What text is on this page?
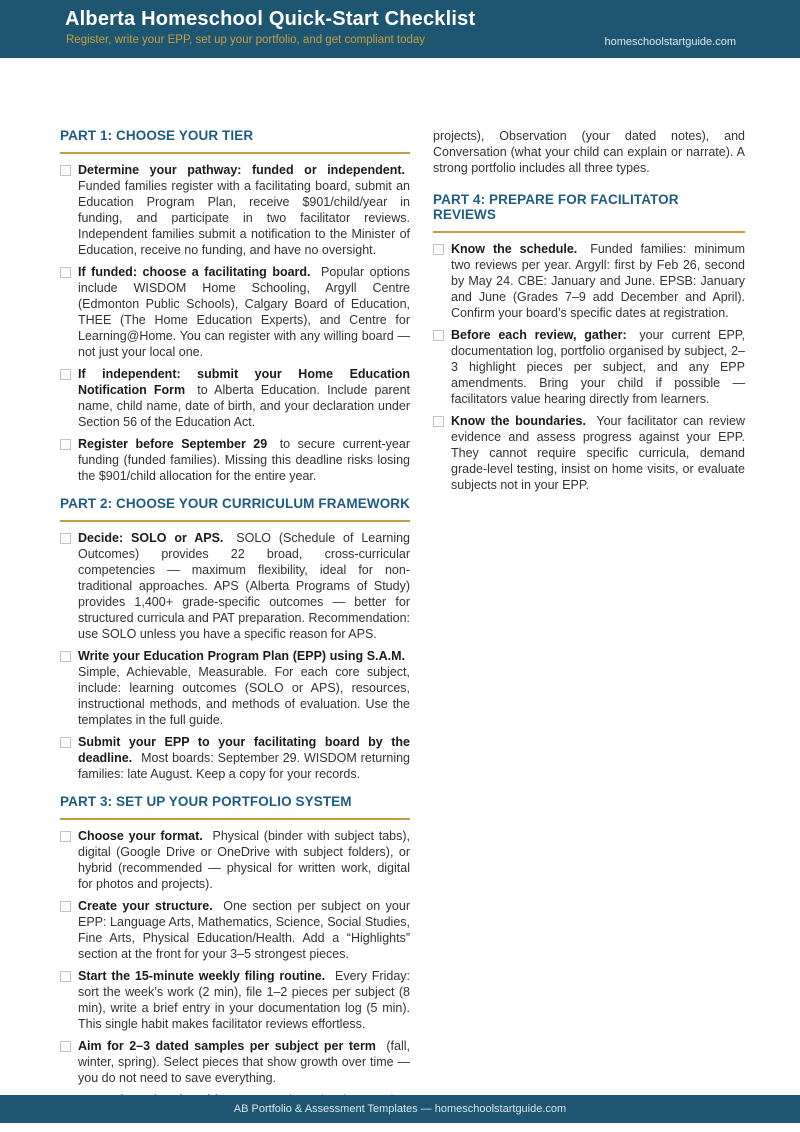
Alberta Homeschool Quick-Start Checklist
Register, write your EPP, set up your portfolio, and get compliant today	homeschoolstartguide.com
PART 1: CHOOSE YOUR TIER
Determine your pathway: funded or independent. Funded families register with a facilitating board, submit an Education Program Plan, receive $901/child/year in funding, and participate in two facilitator reviews. Independent families submit a notification to the Minister of Education, receive no funding, and have no oversight.
If funded: choose a facilitating board. Popular options include WISDOM Home Schooling, Argyll Centre (Edmonton Public Schools), Calgary Board of Education, THEE (The Home Education Experts), and Centre for Learning@Home. You can register with any willing board — not just your local one.
If independent: submit your Home Education Notification Form to Alberta Education. Include parent name, child name, date of birth, and your declaration under Section 56 of the Education Act.
Register before September 29 to secure current-year funding (funded families). Missing this deadline risks losing the $901/child allocation for the entire year.
PART 2: CHOOSE YOUR CURRICULUM FRAMEWORK
Decide: SOLO or APS. SOLO (Schedule of Learning Outcomes) provides 22 broad, cross-curricular competencies — maximum flexibility, ideal for non-traditional approaches. APS (Alberta Programs of Study) provides 1,400+ grade-specific outcomes — better for structured curricula and PAT preparation. Recommendation: use SOLO unless you have a specific reason for APS.
Write your Education Program Plan (EPP) using S.A.M. Simple, Achievable, Measurable. For each core subject, include: learning outcomes (SOLO or APS), resources, instructional methods, and methods of evaluation. Use the templates in the full guide.
Submit your EPP to your facilitating board by the deadline. Most boards: September 29. WISDOM returning families: late August. Keep a copy for your records.
PART 3: SET UP YOUR PORTFOLIO SYSTEM
Choose your format. Physical (binder with subject tabs), digital (Google Drive or OneDrive with subject folders), or hybrid (recommended — physical for written work, digital for photos and projects).
Create your structure. One section per subject on your EPP: Language Arts, Mathematics, Science, Social Studies, Fine Arts, Physical Education/Health. Add a “Highlights” section at the front for your 3–5 strongest pieces.
Start the 15-minute weekly filing routine. Every Friday: sort the week’s work (2 min), file 1–2 pieces per subject (8 min), write a brief entry in your documentation log (5 min). This single habit makes facilitator reviews effortless.
Aim for 2–3 dated samples per subject per term (fall, winter, spring). Select pieces that show growth over time — you do not need to save everything.

projects), Observation (your dated notes), and Conversation (what your child can explain or narrate). A strong portfolio includes all three types.

PART 4: PREPARE FOR FACILITATOR REVIEWS
Know the schedule. Funded families: minimum two reviews per year. Argyll: first by Feb 26, second by May 24. CBE: January and June. EPSB: January and June (Grades 7–9 add December and April). Confirm your board’s specific dates at registration.
Before each review, gather: your current EPP, documentation log, portfolio organised by subject, 2–3 highlight pieces per subject, and any EPP amendments. Bring your child if possible — facilitators value hearing directly from learners.
Know the boundaries. Your facilitator can review evidence and assess progress against your EPP. They cannot require specific curricula, demand grade-level testing, insist on home visits, or evaluate subjects not in your EPP.
AB Portfolio & Assessment Templates — homeschoolstartguide.com
